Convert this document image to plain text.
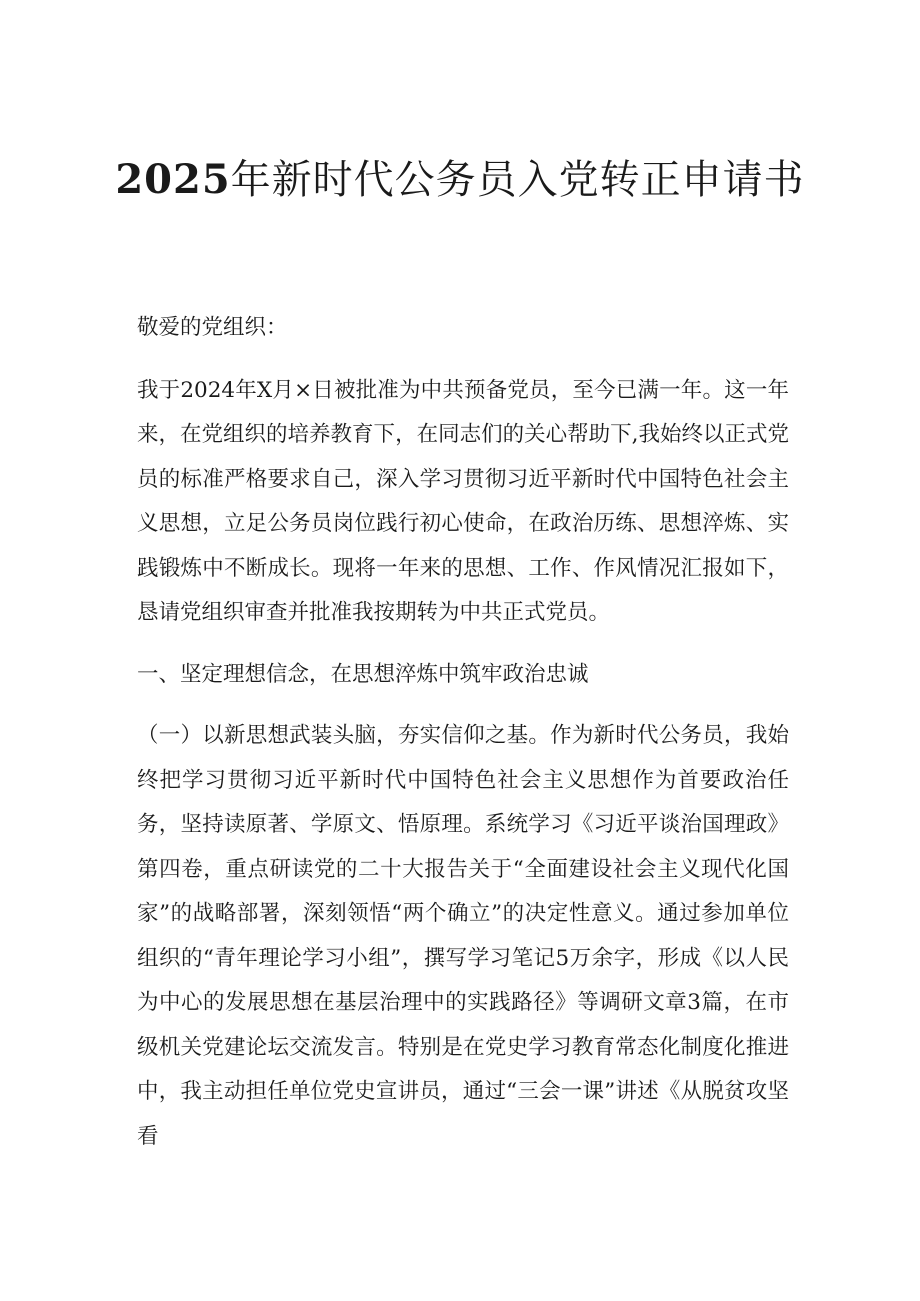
2025年新时代公务员入党转正申请书

敬爱的党组织：

我于2024年X月×日被批准为中共预备党员，至今已满一年。这一年来，在党组织的培养教育下，在同志们的关心帮助下,我始终以正式党员的标准严格要求自己，深入学习贯彻习近平新时代中国特色社会主义思想，立足公务员岗位践行初心使命，在政治历练、思想淬炼、实践锻炼中不断成长。现将一年来的思想、工作、作风情况汇报如下，恳请党组织审查并批准我按期转为中共正式党员。

一、坚定理想信念，在思想淬炼中筑牢政治忠诚

（一）以新思想武装头脑，夯实信仰之基。作为新时代公务员，我始终把学习贯彻习近平新时代中国特色社会主义思想作为首要政治任务，坚持读原著、学原文、悟原理。系统学习《习近平谈治国理政》第四卷，重点研读党的二十大报告关于“全面建设社会主义现代化国家”的战略部署，深刻领悟“两个确立”的决定性意义。通过参加单位组织的“青年理论学习小组”，撰写学习笔记5万余字，形成《以人民为中心的发展思想在基层治理中的实践路径》等调研文章3篇，在市级机关党建论坛交流发言。特别是在党史学习教育常态化制度化推进中，我主动担任单位党史宣讲员，通过“三会一课”讲述《从脱贫攻坚看
